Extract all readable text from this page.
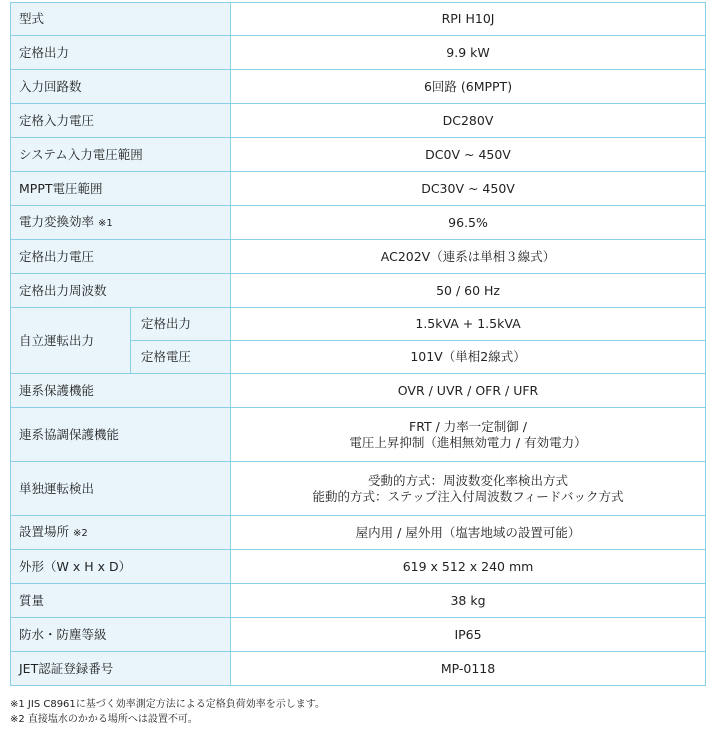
型式		RPI H10J
定格出力		9.9 kW
入力回路数		6回路 (6MPPT)
定格入力電圧		DC280V
システム入力電圧範囲		DC0V ~ 450V
MPPT電圧範囲		DC30V ~ 450V
電力変換効率 ※1		96.5%
定格出力電圧		AC202V（連系は単相３線式）
定格出力周波数		50 / 60 Hz
自立運転出力	定格出力	1.5kVA + 1.5kVA
	定格電圧	101V（単相2線式）
連系保護機能		OVR / UVR / OFR / UFR
連系協調保護機能		FRT / 力率一定制御 /
電圧上昇抑制（進相無効電力 / 有効電力）

単独運転検出		受動的方式：周波数変化率検出方式
能動的方式：ステップ注入付周波数フィードバック方式

設置場所 ※2		屋内用 / 屋外用（塩害地域の設置可能）
外形（W x H x D）		619 x 512 x 240 mm
質量		38 kg
防水・防塵等級		IP65
JET認証登録番号		MP-0118
※1 JIS C8961に基づく効率測定方法による定格負荷効率を示します。
※2 直接塩水のかかる場所へは設置不可。
